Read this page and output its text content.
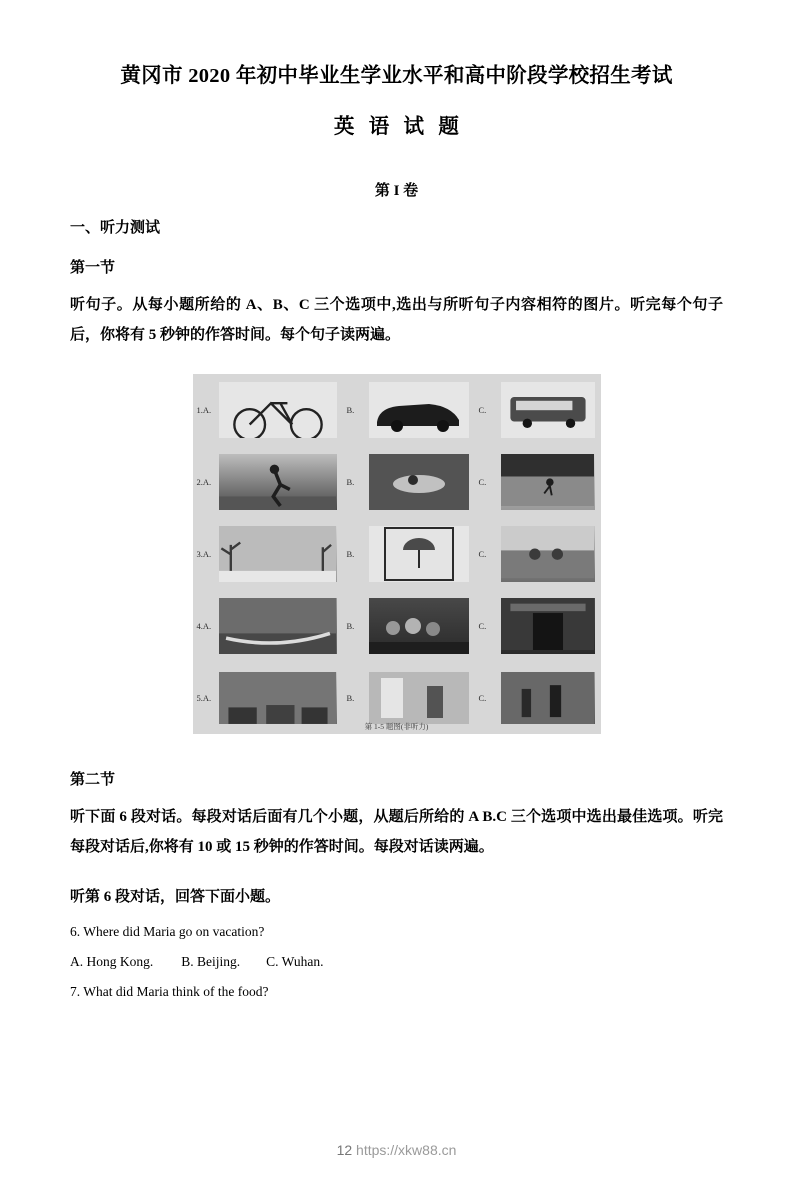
黄冈市 2020 年初中毕业生学业水平和高中阶段学校招生考试
英 语 试 题
第 I 卷
一、听力测试
第一节
听句子。从每小题所给的 A、B、C 三个选项中,选出与所听句子内容相符的图片。听完每个句子后，你将有 5 秒钟的作答时间。每个句子读两遍。
1.A.	B.	C.
2.A.	B.	C.
3.A.	B.	C.
4.A.	B.	C.
5.A.	B.	C.
第 1-5 题图(非听力)
第二节
听下面 6 段对话。每段对话后面有几个小题，从题后所给的 A B.C 三个选项中选出最佳选项。听完每段对话后,你将有 10 或 15 秒钟的作答时间。每段对话读两遍。
听第 6 段对话，回答下面小题。
6. Where did Maria go on vacation?
A. Hong Kong. B. Beijing. C. Wuhan.
7. What did Maria think of the food?
12 https://xkw88.cn
